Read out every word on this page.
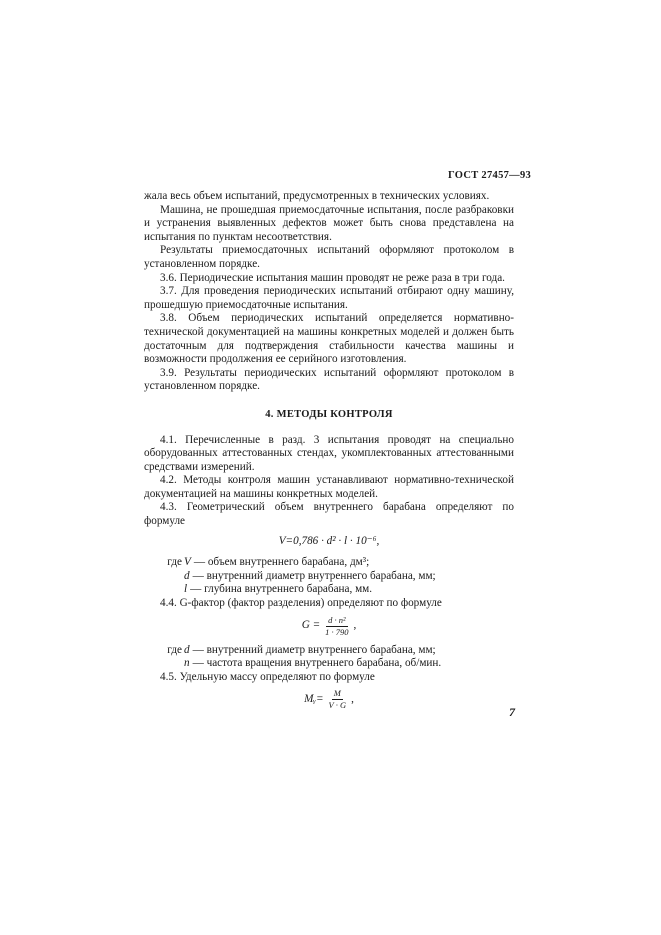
ГОСТ 27457—93

жала весь объем испытаний, предусмотренных в технических условиях.

Машина, не прошедшая приемосдаточные испытания, после разбраковки и устранения выявленных дефектов может быть снова представлена на испытания по пунктам несоответствия.

Результаты приемосдаточных испытаний оформляют протоколом в установленном порядке.

3.6. Периодические испытания машин проводят не реже раза в три года.

3.7. Для проведения периодических испытаний отбирают одну машину, прошедшую приемосдаточные испытания.

3.8. Объем периодических испытаний определяется нормативно-технической документацией на машины конкретных моделей и должен быть достаточным для подтверждения стабильности качества машины и возможности продолжения ее серийного изготовления.

3.9. Результаты периодических испытаний оформляют протоколом в установленном порядке.

4. МЕТОДЫ КОНТРОЛЯ

4.1. Перечисленные в разд. 3 испытания проводят на специально оборудованных аттестованных стендах, укомплектованных аттестованными средствами измерений.

4.2. Методы контроля машин устанавливают нормативно-технической документацией на машины конкретных моделей.

4.3. Геометрический объем внутреннего барабана определяют по формуле

V=0,786 · d² · l · 10⁻⁶,

где V — объем внутреннего барабана, дм³;
d — внутренний диаметр внутреннего барабана, мм;
l — глубина внутреннего барабана, мм.

4.4. G-фактор (фактор разделения) определяют по формуле

$G = \frac{\text{d · n²}}{1 \cdot 790}$ ,
где d — внутренний диаметр внутреннего барабана, мм;
n — частота вращения внутреннего барабана, об/мин.

4.5. Удельную массу определяют по формуле

Mᵧ= $\frac{M}{V \cdot G}$ ,
7
